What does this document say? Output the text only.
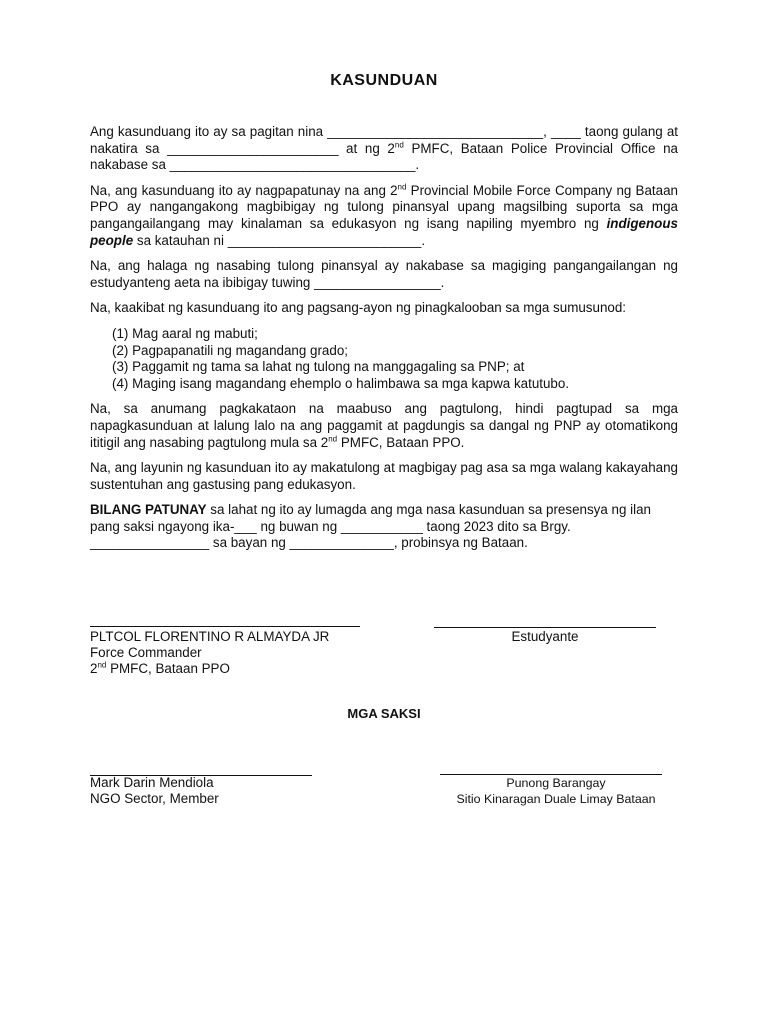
KASUNDUAN

Ang kasunduang ito ay sa pagitan nina _____________________________, ____ taong gulang at nakatira sa _______________________ at ng 2nd PMFC, Bataan Police Provincial Office na nakabase sa _________________________________.

Na, ang kasunduang ito ay nagpapatunay na ang 2nd Provincial Mobile Force Company ng Bataan PPO ay nangangakong magbibigay ng tulong pinansyal upang magsilbing suporta sa mga pangangailangang may kinalaman sa edukasyon ng isang napiling myembro ng indigenous people sa katauhan ni __________________________.

Na, ang halaga ng nasabing tulong pinansyal ay nakabase sa magiging pangangailangan ng estudyanteng aeta na ibibigay tuwing _________________.

Na, kaakibat ng kasunduang ito ang pagsang-ayon ng pinagkalooban sa mga sumusunod:

(1) Mag aaral ng mabuti;
(2) Pagpapanatili ng magandang grado;
(3) Paggamit ng tama sa lahat ng tulong na manggagaling sa PNP; at
(4) Maging isang magandang ehemplo o halimbawa sa mga kapwa katutubo.

Na, sa anumang pagkakataon na maabuso ang pagtulong, hindi pagtupad sa mga napagkasunduan at lalung lalo na ang paggamit at pagdungis sa dangal ng PNP ay otomatikong ititigil ang nasabing pagtulong mula sa 2nd PMFC, Bataan PPO.

Na, ang layunin ng kasunduan ito ay makatulong at magbigay pag asa sa mga walang kakayahang sustentuhan ang gastusing pang edukasyon.

BILANG PATUNAY sa lahat ng ito ay lumagda ang mga nasa kasunduan sa presensya ng ilan pang saksi ngayong ika-___ ng buwan ng ___________ taong 2023 dito sa Brgy. ________________ sa bayan ng ______________, probinsya ng Bataan.

PLTCOL FLORENTINO R ALMAYDA JR
Force Commander
2nd PMFC, Bataan PPO
Estudyante
MGA SAKSI
Mark Darin Mendiola
NGO Sector, Member
Punong Barangay
Sitio Kinaragan Duale Limay Bataan
